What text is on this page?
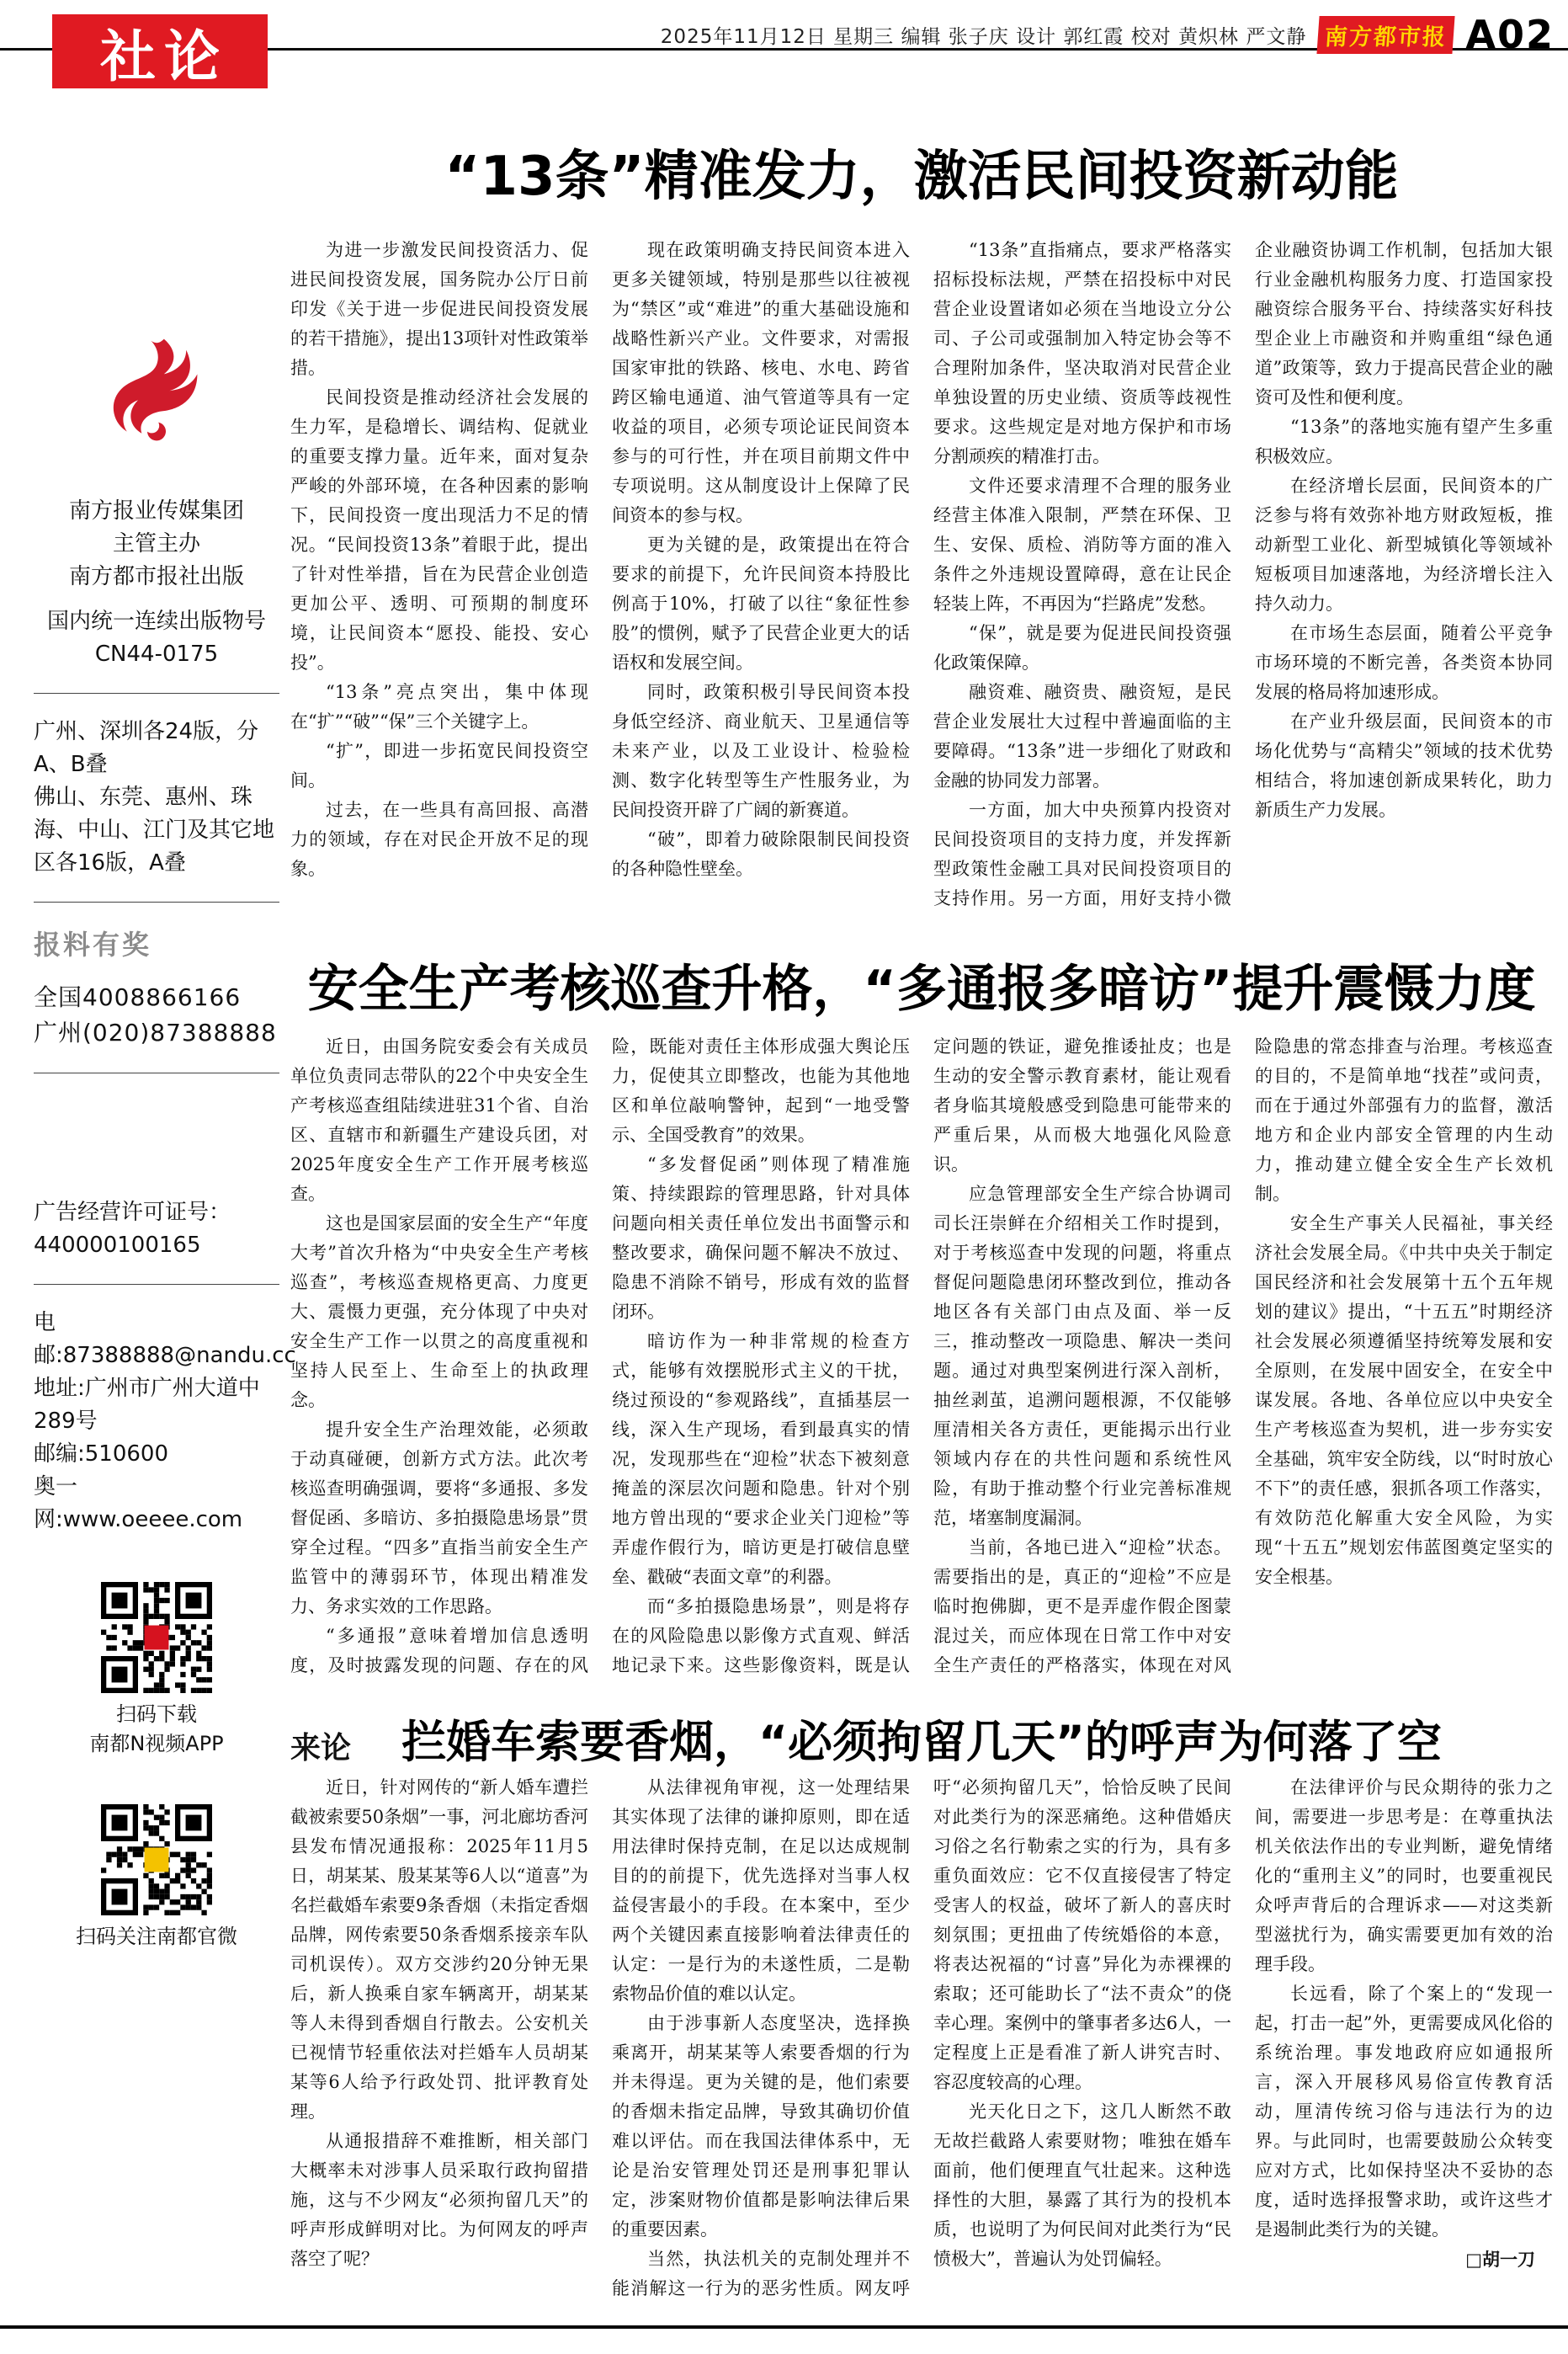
社论	2025年11月12日 星期三 编辑 张子庆 设计 郭红霞 校对 黄炽林 严文静 南方都市报 A02
南方报业传媒集团
主管主办
南方都市报社出版
国内统一连续出版物号
CN44-0175
广州、深圳各24版，分A、B叠
佛山、东莞、惠州、珠海、中山、江门及其它地区各16版，A叠
报料有奖
全国4008866166
广州(020)87388888
广告经营许可证号：
440000100165
电邮:87388888@nandu.cc
地址:广州市广州大道中289号
邮编:510600
奥一网:www.oeeee.com
扫码下载
南都N视频APP
扫码关注南都官微
“13条”精准发力，激活民间投资新动能

为进一步激发民间投资活力、促进民间投资发展，国务院办公厅日前印发《关于进一步促进民间投资发展的若干措施》，提出13项针对性政策举措。

民间投资是推动经济社会发展的生力军，是稳增长、调结构、促就业的重要支撑力量。近年来，面对复杂严峻的外部环境，在各种因素的影响下，民间投资一度出现活力不足的情况。“民间投资13条”着眼于此，提出了针对性举措，旨在为民营企业创造更加公平、透明、可预期的制度环境，让民间资本“愿投、能投、安心投”。

“13条”亮点突出，集中体现在“扩”“破”“保”三个关键字上。

“扩”，即进一步拓宽民间投资空间。

过去，在一些具有高回报、高潜力的领域，存在对民企开放不足的现象。

现在政策明确支持民间资本进入更多关键领域，特别是那些以往被视为“禁区”或“难进”的重大基础设施和战略性新兴产业。文件要求，对需报国家审批的铁路、核电、水电、跨省跨区输电通道、油气管道等具有一定收益的项目，必须专项论证民间资本参与的可行性，并在项目前期文件中专项说明。这从制度设计上保障了民间资本的参与权。

更为关键的是，政策提出在符合要求的前提下，允许民间资本持股比例高于10%，打破了以往“象征性参股”的惯例，赋予了民营企业更大的话语权和发展空间。

同时，政策积极引导民间资本投身低空经济、商业航天、卫星通信等未来产业，以及工业设计、检验检测、数字化转型等生产性服务业，为民间投资开辟了广阔的新赛道。

“破”，即着力破除限制民间投资的各种隐性壁垒。

“13条”直指痛点，要求严格落实招标投标法规，严禁在招投标中对民营企业设置诸如必须在当地设立分公司、子公司或强制加入特定协会等不合理附加条件，坚决取消对民营企业单独设置的历史业绩、资质等歧视性要求。这些规定是对地方保护和市场分割顽疾的精准打击。

文件还要求清理不合理的服务业经营主体准入限制，严禁在环保、卫生、安保、质检、消防等方面的准入条件之外违规设置障碍，意在让民企轻装上阵，不再因为“拦路虎”发愁。

“保”，就是要为促进民间投资强化政策保障。

融资难、融资贵、融资短，是民营企业发展壮大过程中普遍面临的主要障碍。“13条”进一步细化了财政和金融的协同发力部署。

一方面，加大中央预算内投资对民间投资项目的支持力度，并发挥新型政策性金融工具对民间投资项目的支持作用。另一方面，用好支持小微企业融资协调工作机制，包括加大银行业金融机构服务力度、打造国家投融资综合服务平台、持续落实好科技型企业上市融资和并购重组“绿色通道”政策等，致力于提高民营企业的融资可及性和便利度。

“13条”的落地实施有望产生多重积极效应。

在经济增长层面，民间资本的广泛参与将有效弥补地方财政短板，推动新型工业化、新型城镇化等领域补短板项目加速落地，为经济增长注入持久动力。

在市场生态层面，随着公平竞争市场环境的不断完善，各类资本协同发展的格局将加速形成。

在产业升级层面，民间资本的市场化优势与“高精尖”领域的技术优势相结合，将加速创新成果转化，助力新质生产力发展。

安全生产考核巡查升格，“多通报多暗访”提升震慑力度

近日，由国务院安委会有关成员单位负责同志带队的22个中央安全生产考核巡查组陆续进驻31个省、自治区、直辖市和新疆生产建设兵团，对2025年度安全生产工作开展考核巡查。

这也是国家层面的安全生产“年度大考”首次升格为“中央安全生产考核巡查”，考核巡查规格更高、力度更大、震慑力更强，充分体现了中央对安全生产工作一以贯之的高度重视和坚持人民至上、生命至上的执政理念。

提升安全生产治理效能，必须敢于动真碰硬，创新方式方法。此次考核巡查明确强调，要将“多通报、多发督促函、多暗访、多拍摄隐患场景”贯穿全过程。“四多”直指当前安全生产监管中的薄弱环节，体现出精准发力、务求实效的工作思路。

“多通报”意味着增加信息透明度，及时披露发现的问题、存在的风险，既能对责任主体形成强大舆论压力，促使其立即整改，也能为其他地区和单位敲响警钟，起到“一地受警示、全国受教育”的效果。

“多发督促函”则体现了精准施策、持续跟踪的管理思路，针对具体问题向相关责任单位发出书面警示和整改要求，确保问题不解决不放过、隐患不消除不销号，形成有效的监督闭环。

暗访作为一种非常规的检查方式，能够有效摆脱形式主义的干扰，绕过预设的“参观路线”，直插基层一线，深入生产现场，看到最真实的情况，发现那些在“迎检”状态下被刻意掩盖的深层次问题和隐患。针对个别地方曾出现的“要求企业关门迎检”等弄虚作假行为，暗访更是打破信息壁垒、戳破“表面文章”的利器。

而“多拍摄隐患场景”，则是将存在的风险隐患以影像方式直观、鲜活地记录下来。这些影像资料，既是认定问题的铁证，避免推诿扯皮；也是生动的安全警示教育素材，能让观看者身临其境般感受到隐患可能带来的严重后果，从而极大地强化风险意识。

应急管理部安全生产综合协调司司长汪崇鲜在介绍相关工作时提到，对于考核巡查中发现的问题，将重点督促问题隐患闭环整改到位，推动各地区各有关部门由点及面、举一反三，推动整改一项隐患、解决一类问题。通过对典型案例进行深入剖析，抽丝剥茧，追溯问题根源，不仅能够厘清相关各方责任，更能揭示出行业领域内存在的共性问题和系统性风险，有助于推动整个行业完善标准规范，堵塞制度漏洞。

当前，各地已进入“迎检”状态。需要指出的是，真正的“迎检”不应是临时抱佛脚，更不是弄虚作假企图蒙混过关，而应体现在日常工作中对安全生产责任的严格落实，体现在对风险隐患的常态排查与治理。考核巡查的目的，不是简单地“找茬”或问责，而在于通过外部强有力的监督，激活地方和企业内部安全管理的内生动力，推动建立健全安全生产长效机制。

安全生产事关人民福祉，事关经济社会发展全局。《中共中央关于制定国民经济和社会发展第十五个五年规划的建议》提出，“十五五”时期经济社会发展必须遵循坚持统筹发展和安全原则，在发展中固安全，在安全中谋发展。各地、各单位应以中央安全生产考核巡查为契机，进一步夯实安全基础，筑牢安全防线，以“时时放心不下”的责任感，狠抓各项工作落实，有效防范化解重大安全风险，为实现“十五五”规划宏伟蓝图奠定坚实的安全根基。

来论	拦婚车索要香烟，“必须拘留几天”的呼声为何落了空

近日，针对网传的“新人婚车遭拦截被索要50条烟”一事，河北廊坊香河县发布情况通报称：2025年11月5日，胡某某、殷某某等6人以“道喜”为名拦截婚车索要9条香烟（未指定香烟品牌，网传索要50条香烟系接亲车队司机误传）。双方交涉约20分钟无果后，新人换乘自家车辆离开，胡某某等人未得到香烟自行散去。公安机关已视情节轻重依法对拦婚车人员胡某某等6人给予行政处罚、批评教育处理。

从通报措辞不难推断，相关部门大概率未对涉事人员采取行政拘留措施，这与不少网友“必须拘留几天”的呼声形成鲜明对比。为何网友的呼声落空了呢？

从法律视角审视，这一处理结果其实体现了法律的谦抑原则，即在适用法律时保持克制，在足以达成规制目的的前提下，优先选择对当事人权益侵害最小的手段。在本案中，至少两个关键因素直接影响着法律责任的认定：一是行为的未遂性质，二是勒索物品价值的难以认定。

由于涉事新人态度坚决，选择换乘离开，胡某某等人索要香烟的行为并未得逞。更为关键的是，他们索要的香烟未指定品牌，导致其确切价值难以评估。而在我国法律体系中，无论是治安管理处罚还是刑事犯罪认定，涉案财物价值都是影响法律后果的重要因素。

当然，执法机关的克制处理并不能消解这一行为的恶劣性质。网友呼吁“必须拘留几天”，恰恰反映了民间对此类行为的深恶痛绝。这种借婚庆习俗之名行勒索之实的行为，具有多重负面效应：它不仅直接侵害了特定受害人的权益，破坏了新人的喜庆时刻氛围；更扭曲了传统婚俗的本意，将表达祝福的“讨喜”异化为赤裸裸的索取；还可能助长了“法不责众”的侥幸心理。案例中的肇事者多达6人，一定程度上正是看准了新人讲究吉时、容忍度较高的心理。

光天化日之下，这几人断然不敢无故拦截路人索要财物；唯独在婚车面前，他们便理直气壮起来。这种选择性的大胆，暴露了其行为的投机本质，也说明了为何民间对此类行为“民愤极大”，普遍认为处罚偏轻。

在法律评价与民众期待的张力之间，需要进一步思考是：在尊重执法机关依法作出的专业判断，避免情绪化的“重刑主义”的同时，也要重视民众呼声背后的合理诉求——对这类新型滋扰行为，确实需要更加有效的治理手段。

长远看，除了个案上的“发现一起，打击一起”外，更需要成风化俗的系统治理。事发地政府应如通报所言，深入开展移风易俗宣传教育活动，厘清传统习俗与违法行为的边界。与此同时，也需要鼓励公众转变应对方式，比如保持坚决不妥协的态度，适时选择报警求助，或许这些才是遏制此类行为的关键。

□胡一刀
